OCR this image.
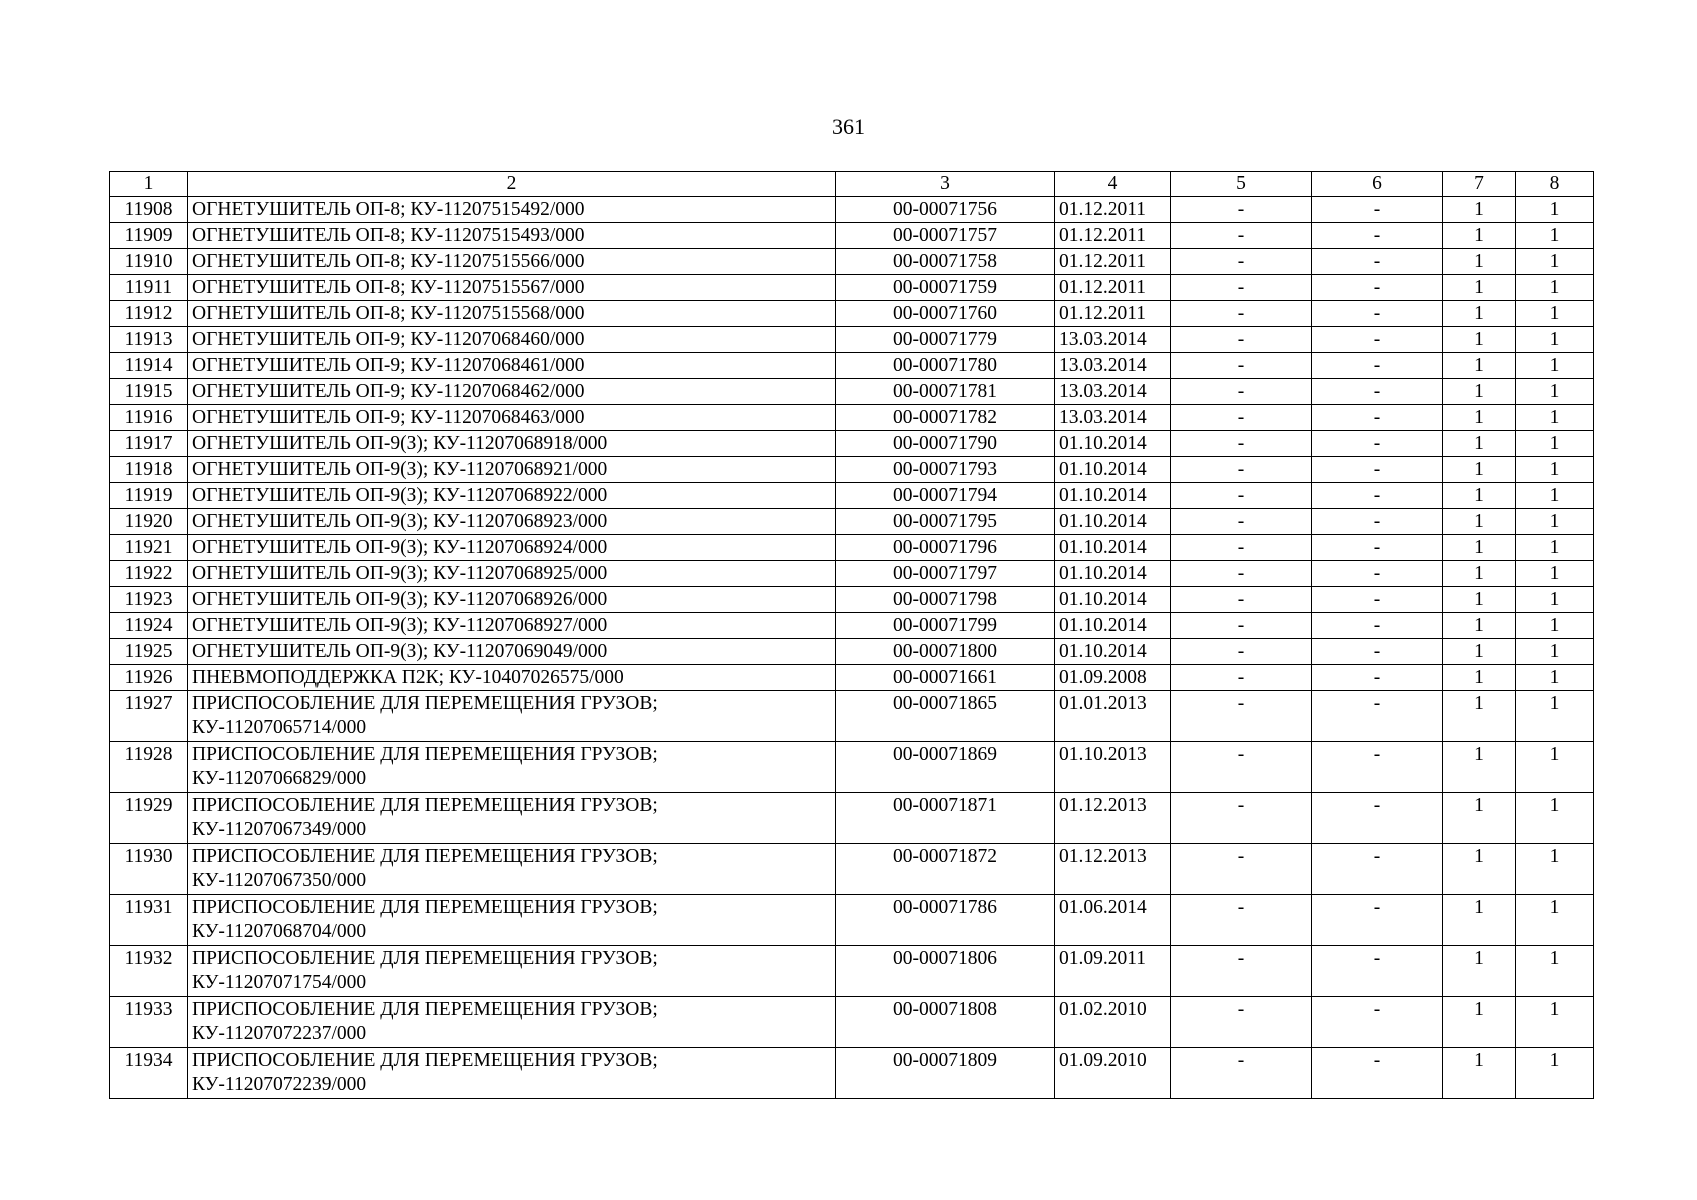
361
1	2	3	4	5	6	7	8
11908	ОГНЕТУШИТЕЛЬ ОП-8; КУ-11207515492/000	00-00071756	01.12.2011	-	-	1	1
11909	ОГНЕТУШИТЕЛЬ ОП-8; КУ-11207515493/000	00-00071757	01.12.2011	-	-	1	1
11910	ОГНЕТУШИТЕЛЬ ОП-8; КУ-11207515566/000	00-00071758	01.12.2011	-	-	1	1
11911	ОГНЕТУШИТЕЛЬ ОП-8; КУ-11207515567/000	00-00071759	01.12.2011	-	-	1	1
11912	ОГНЕТУШИТЕЛЬ ОП-8; КУ-11207515568/000	00-00071760	01.12.2011	-	-	1	1
11913	ОГНЕТУШИТЕЛЬ ОП-9; КУ-11207068460/000	00-00071779	13.03.2014	-	-	1	1
11914	ОГНЕТУШИТЕЛЬ ОП-9; КУ-11207068461/000	00-00071780	13.03.2014	-	-	1	1
11915	ОГНЕТУШИТЕЛЬ ОП-9; КУ-11207068462/000	00-00071781	13.03.2014	-	-	1	1
11916	ОГНЕТУШИТЕЛЬ ОП-9; КУ-11207068463/000	00-00071782	13.03.2014	-	-	1	1
11917	ОГНЕТУШИТЕЛЬ ОП-9(З); КУ-11207068918/000	00-00071790	01.10.2014	-	-	1	1
11918	ОГНЕТУШИТЕЛЬ ОП-9(З); КУ-11207068921/000	00-00071793	01.10.2014	-	-	1	1
11919	ОГНЕТУШИТЕЛЬ ОП-9(З); КУ-11207068922/000	00-00071794	01.10.2014	-	-	1	1
11920	ОГНЕТУШИТЕЛЬ ОП-9(З); КУ-11207068923/000	00-00071795	01.10.2014	-	-	1	1
11921	ОГНЕТУШИТЕЛЬ ОП-9(З); КУ-11207068924/000	00-00071796	01.10.2014	-	-	1	1
11922	ОГНЕТУШИТЕЛЬ ОП-9(З); КУ-11207068925/000	00-00071797	01.10.2014	-	-	1	1
11923	ОГНЕТУШИТЕЛЬ ОП-9(З); КУ-11207068926/000	00-00071798	01.10.2014	-	-	1	1
11924	ОГНЕТУШИТЕЛЬ ОП-9(З); КУ-11207068927/000	00-00071799	01.10.2014	-	-	1	1
11925	ОГНЕТУШИТЕЛЬ ОП-9(З); КУ-11207069049/000	00-00071800	01.10.2014	-	-	1	1
11926	ПНЕВМОПОДДЕРЖКА П2К; КУ-10407026575/000	00-00071661	01.09.2008	-	-	1	1
11927	ПРИСПОСОБЛЕНИЕ ДЛЯ ПЕРЕМЕЩЕНИЯ ГРУЗОВ;
КУ-11207065714/000	00-00071865	01.01.2013	-	-	1	1
11928	ПРИСПОСОБЛЕНИЕ ДЛЯ ПЕРЕМЕЩЕНИЯ ГРУЗОВ;
КУ-11207066829/000	00-00071869	01.10.2013	-	-	1	1
11929	ПРИСПОСОБЛЕНИЕ ДЛЯ ПЕРЕМЕЩЕНИЯ ГРУЗОВ;
КУ-11207067349/000	00-00071871	01.12.2013	-	-	1	1
11930	ПРИСПОСОБЛЕНИЕ ДЛЯ ПЕРЕМЕЩЕНИЯ ГРУЗОВ;
КУ-11207067350/000	00-00071872	01.12.2013	-	-	1	1
11931	ПРИСПОСОБЛЕНИЕ ДЛЯ ПЕРЕМЕЩЕНИЯ ГРУЗОВ;
КУ-11207068704/000	00-00071786	01.06.2014	-	-	1	1
11932	ПРИСПОСОБЛЕНИЕ ДЛЯ ПЕРЕМЕЩЕНИЯ ГРУЗОВ;
КУ-11207071754/000	00-00071806	01.09.2011	-	-	1	1
11933	ПРИСПОСОБЛЕНИЕ ДЛЯ ПЕРЕМЕЩЕНИЯ ГРУЗОВ;
КУ-11207072237/000	00-00071808	01.02.2010	-	-	1	1
11934	ПРИСПОСОБЛЕНИЕ ДЛЯ ПЕРЕМЕЩЕНИЯ ГРУЗОВ;
КУ-11207072239/000	00-00071809	01.09.2010	-	-	1	1
